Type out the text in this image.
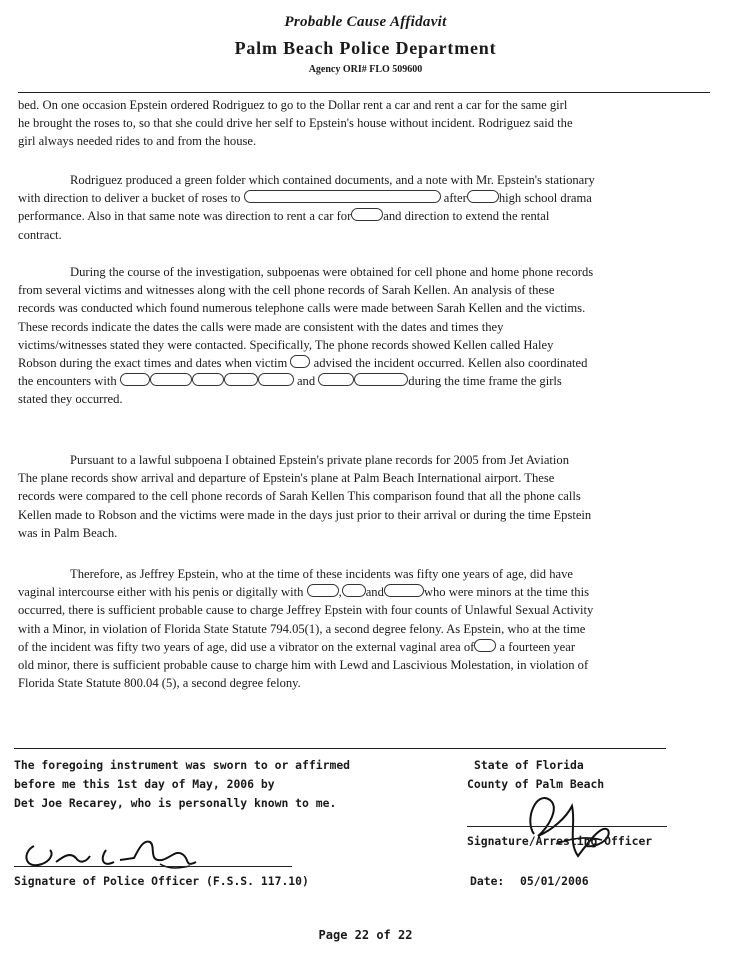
Probable Cause Affidavit
Palm Beach Police Department
Agency ORI# FLO 509600
bed. On one occasion Epstein ordered Rodriguez to go to the Dollar rent a car and rent a car for the same girl
he brought the roses to, so that she could drive her self to Epstein's house without incident. Rodriguez said the
girl always needed rides to and from the house.
Rodriguez produced a green folder which contained documents, and a note with Mr. Epstein's stationary
with direction to deliver a bucket of roses to	after	high school drama
performance. Also in that same note was direction to rent a car for	and direction to extend the rental
contract.
During the course of the investigation, subpoenas were obtained for cell phone and home phone records
from several victims and witnesses along with the cell phone records of Sarah Kellen. An analysis of these
records was conducted which found numerous telephone calls were made between Sarah Kellen and the victims.
These records indicate the dates the calls were made are consistent with the dates and times they
victims/witnesses stated they were contacted. Specifically, The phone records showed Kellen called Haley
Robson during the exact times and dates when victim advised the incident occurred. Kellen also coordinated
the encounters with	and	during the time frame the girls
stated they occurred.
Pursuant to a lawful subpoena I obtained Epstein's private plane records for 2005 from Jet Aviation
The plane records show arrival and departure of Epstein's plane at Palm Beach International airport. These
records were compared to the cell phone records of Sarah Kellen This comparison found that all the phone calls
Kellen made to Robson and the victims were made in the days just prior to their arrival or during the time Epstein
was in Palm Beach.
Therefore, as Jeffrey Epstein, who at the time of these incidents was fifty one years of age, did have
vaginal intercourse either with his penis or digitally with	, and	who were minors at the time this
occurred, there is sufficient probable cause to charge Jeffrey Epstein with four counts of Unlawful Sexual Activity
with a Minor, in violation of Florida State Statute 794.05(1), a second degree felony. As Epstein, who at the time
of the incident was fifty two years of age, did use a vibrator on the external vaginal area of a fourteen year
old minor, there is sufficient probable cause to charge him with Lewd and Lascivious Molestation, in violation of
Florida State Statute 800.04 (5), a second degree felony.
The foregoing instrument was sworn to or affirmed
before me this 1st day of May, 2006 by
Det Joe Recarey, who is personally known to me.
Signature of Police Officer (F.S.S. 117.10)
State of Florida
County of Palm Beach
Signature/Arresting Officer
Date: 05/01/2006
Page 22 of 22
